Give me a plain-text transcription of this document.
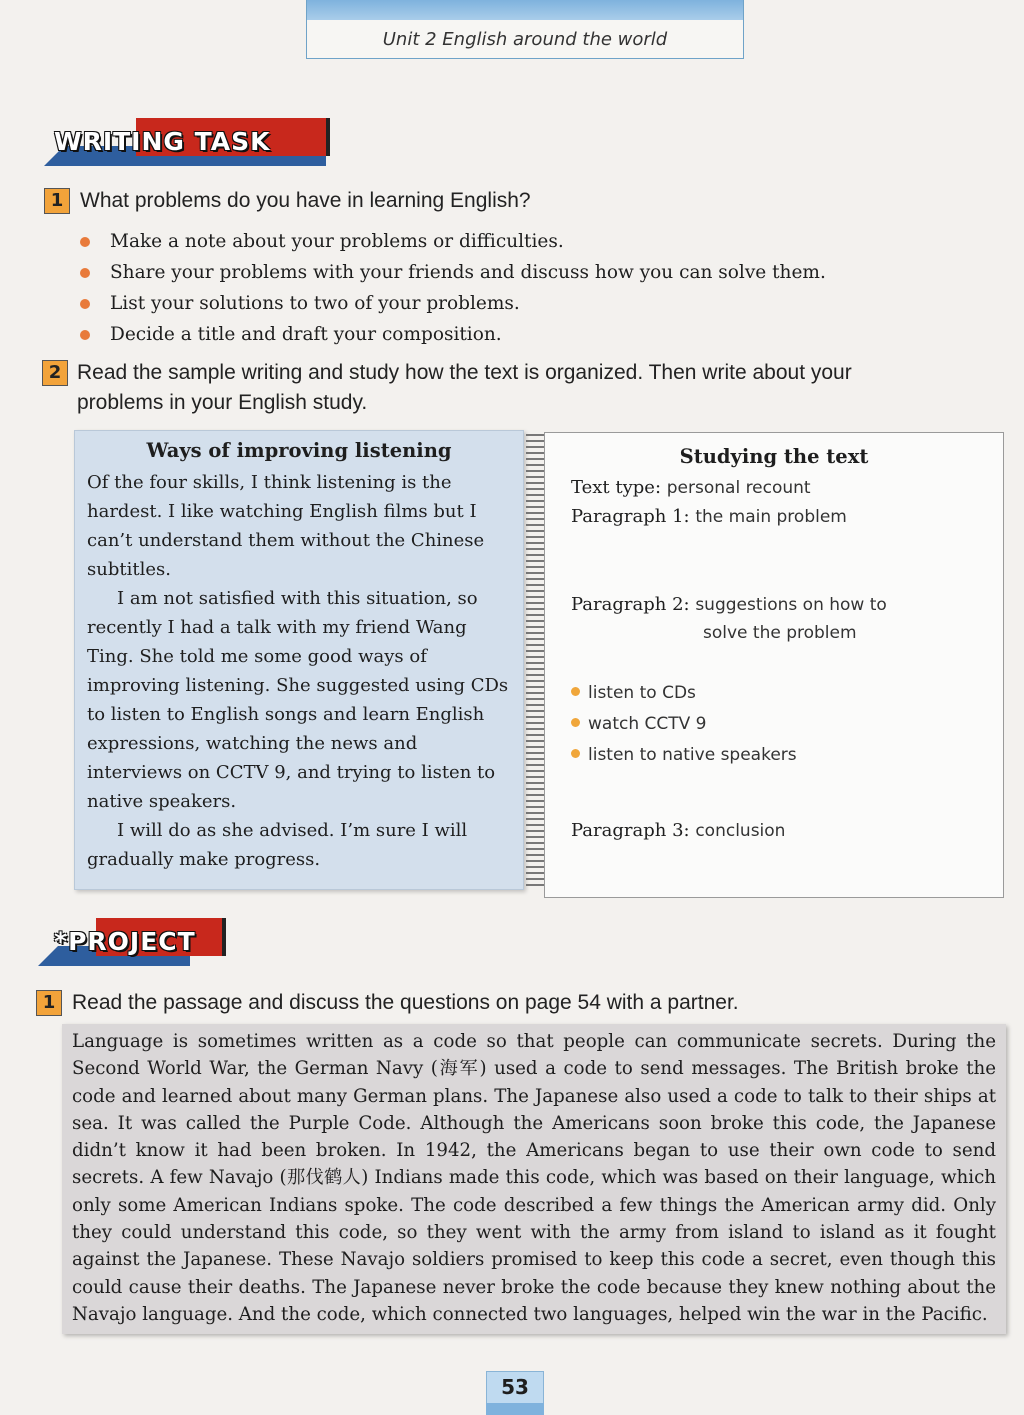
Unit 2 English around the world
WRITING TASK
1 What problems do you have in learning English?
Make a note about your problems or difficulties.
Share your problems with your friends and discuss how you can solve them.
List your solutions to two of your problems.
Decide a title and draft your composition.
2 Read the sample writing and study how the text is organized. Then write about your
problems in your English study.
Ways of improving listening

Of the four skills, I think listening is the hardest. I like watching English films but I can’t understand them without the Chinese subtitles.

I am not satisfied with this situation, so recently I had a talk with my friend Wang Ting. She told me some good ways of improving listening. She suggested using CDs to listen to English songs and learn English expressions, watching the news and interviews on CCTV 9, and trying to listen to native speakers.

I will do as she advised. I’m sure I will gradually make progress.

Studying the text
Text type: personal recount
Paragraph 1: the main problem
Paragraph 2: suggestions on how to
solve the problem
listen to CDs
watch CCTV 9
listen to native speakers
Paragraph 3: conclusion
*PROJECT
1 Read the passage and discuss the questions on page 54 with a partner.

Language is sometimes written as a code so that people can communicate secrets. During the Second World War, the German Navy (海军) used a code to send messages. The British broke the code and learned about many German plans. The Japanese also used a code to talk to their ships at sea. It was called the Purple Code. Although the Americans soon broke this code, the Japanese didn’t know it had been broken. In 1942, the Americans began to use their own code to send secrets. A few Navajo (那伐鹤人) Indians made this code, which was based on their language, which only some American Indians spoke. The code described a few things the American army did. Only they could understand this code, so they went with the army from island to island as it fought against the Japanese. These Navajo soldiers promised to keep this code a secret, even though this could cause their deaths. The Japanese never broke the code because they knew nothing about the Navajo language. And the code, which connected two languages, helped win the war in the Pacific.

53
